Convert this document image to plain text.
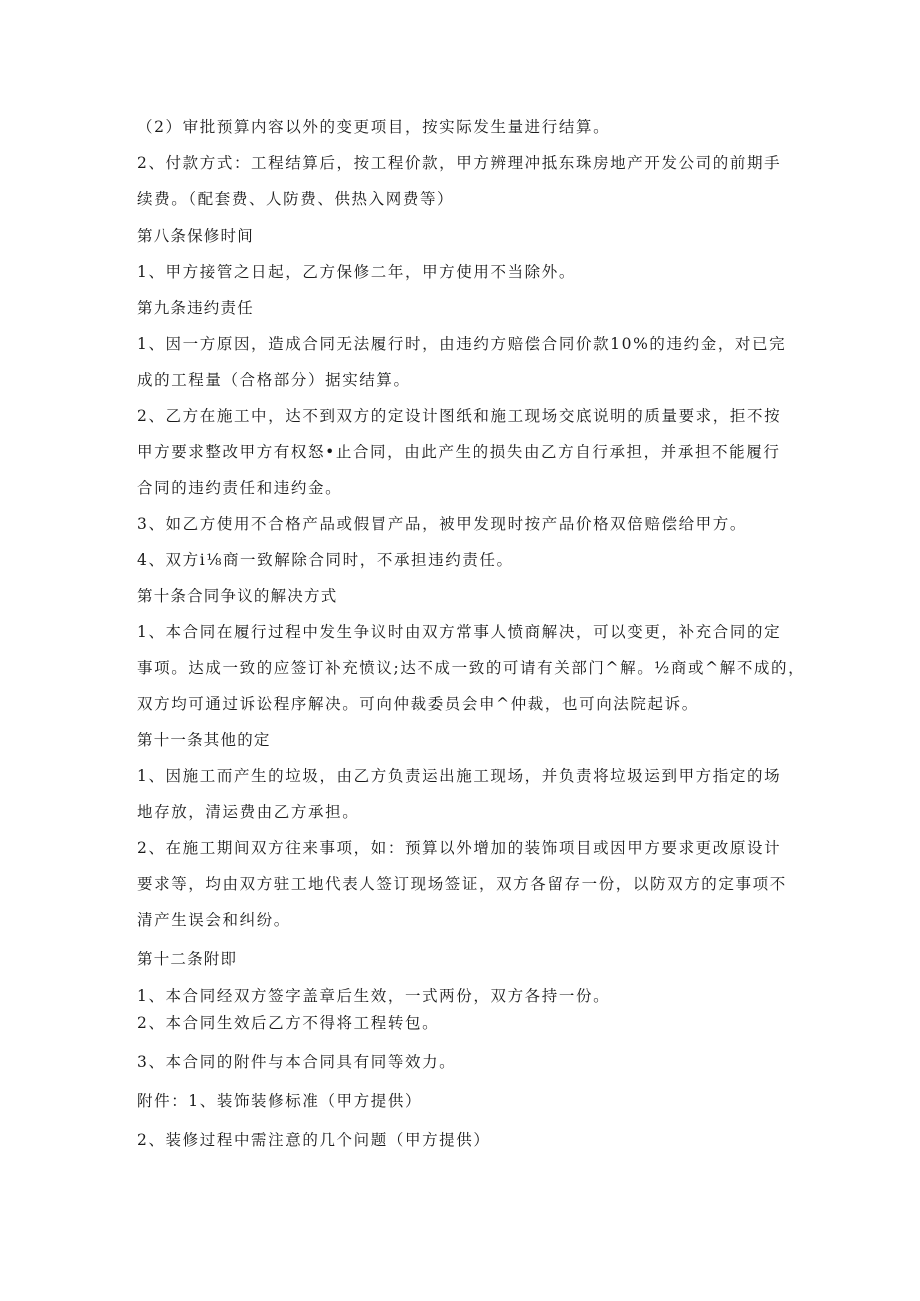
（2）审批预算内容以外的变更项目，按实际发生量进行结算。
2、付款方式：工程结算后，按工程价款，甲方辨理冲抵东珠房地产开发公司的前期手
续费。（配套费、人防费、供热入网费等）
第八条保修时间
1、甲方接管之日起，乙方保修二年，甲方使用不当除外。
第九条违约责任
1、因一方原因，造成合同无法履行时，由违约方赔偿合同价款10%的违约金，对已完
成的工程量（合格部分）据实结算。
2、乙方在施工中，达不到双方的定设计图纸和施工现场交底说明的质量要求，拒不按
甲方要求整改甲方有权怒•止合同，由此产生的损失由乙方自行承担，并承担不能履行
合同的违约责任和违约金。
3、如乙方使用不合格产品或假冒产品，被甲发现时按产品价格双倍赔偿给甲方。
4、双方i⅛商一致解除合同时，不承担违约责任。
第十条合同争议的解决方式
1、本合同在履行过程中发生争议时由双方常事人愤商解决，可以变更，补充合同的定
事项。达成一致的应签订补充愤议;达不成一致的可请有关部门^解。½商或^解不成的，
双方均可通过诉讼程序解决。可向仲裁委员会申^仲裁，也可向法院起诉。
第十一条其他的定
1、因施工而产生的垃圾，由乙方负责运出施工现场，并负责将垃圾运到甲方指定的场
地存放，清运费由乙方承担。
2、在施工期间双方往来事项，如：预算以外增加的装饰项目或因甲方要求更改原设计
要求等，均由双方驻工地代表人签订现场签证，双方各留存一份，以防双方的定事项不
清产生误会和纠纷。
第十二条附即
1、本合同经双方签字盖章后生效，一式两份，双方各持一份。
2、本合同生效后乙方不得将工程转包。
3、本合同的附件与本合同具有同等效力。
附件：1、装饰装修标准（甲方提供）
2、装修过程中需注意的几个问题（甲方提供）
